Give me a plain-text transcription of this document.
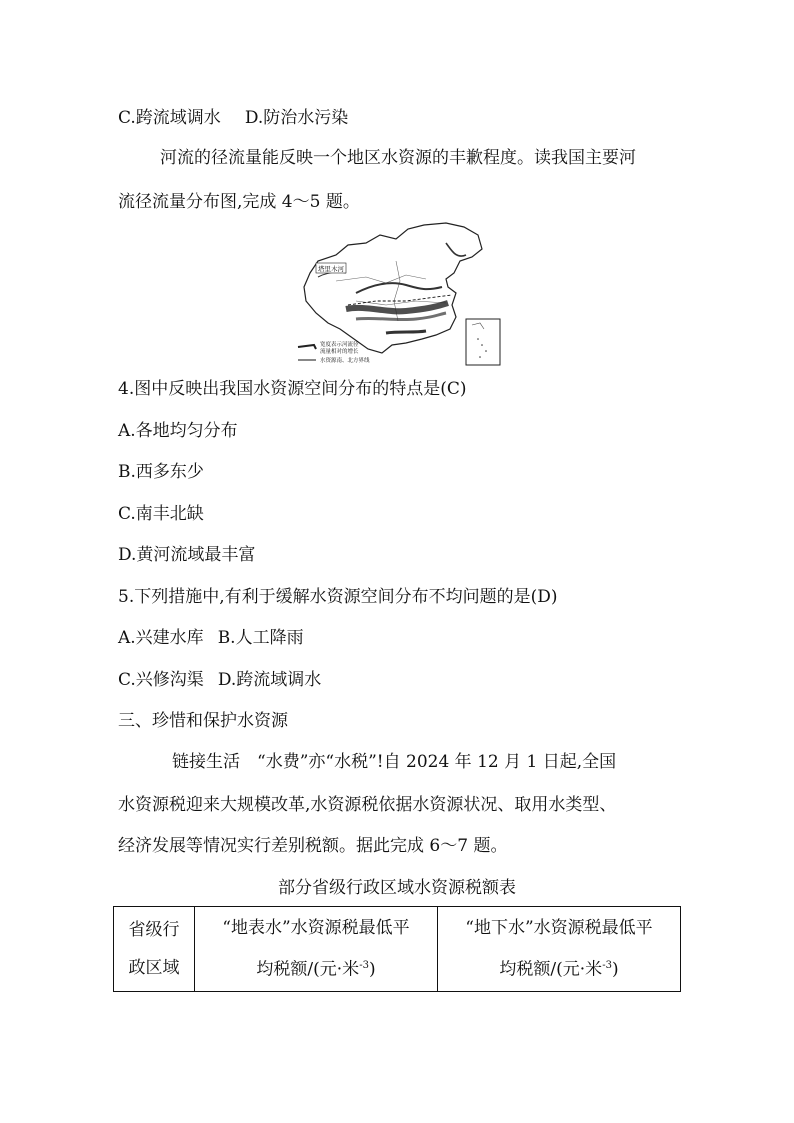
C.跨流域调水 D.防治水污染
河流的径流量能反映一个地区水资源的丰歉程度。读我国主要河
流径流量分布图,完成 4～5 题。
塔里木河
宽度表示河流径
流量相对的增长
水资源南、北方界线
4.图中反映出我国水资源空间分布的特点是(C)
A.各地均匀分布
B.西多东少
C.南丰北缺
D.黄河流域最丰富
5.下列措施中,有利于缓解水资源空间分布不均问题的是(D)
A.兴建水库 B.人工降雨
C.兴修沟渠 D.跨流域调水
三、珍惜和保护水资源
链接生活　“水费”亦“水税”!自 2024 年 12 月 1 日起,全国
水资源税迎来大规模改革,水资源税依据水资源状况、取用水类型、
经济发展等情况实行差别税额。据此完成 6～7 题。
部分省级行政区域水资源税额表
省级行
政区域

“地表水”水资源税最低平
均税额/(元·米$^{-3}$)

“地下水”水资源税最低平
均税额/(元·米$^{-3}$)
